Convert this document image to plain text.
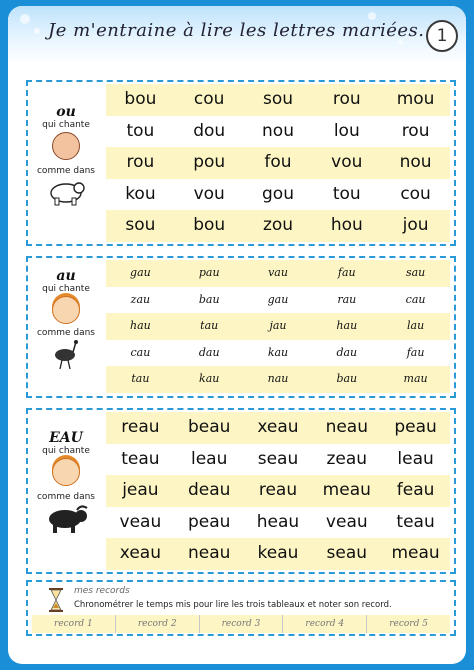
Je m'entraine à lire les lettres mariées. 1
ou
qui chante
comme dans
bou	cou	sou	rou	mou
tou	dou	nou	lou	rou
rou	pou	fou	vou	nou
kou	vou	gou	tou	cou
sou	bou	zou	hou	jou
au
qui chante
comme dans
gau	pau	vau	fau	sau
zau	bau	gau	rau	cau
hau	tau	jau	hau	lau
cau	dau	kau	dau	fau
tau	kau	nau	bau	mau
EAU
qui chante
comme dans
reau	beau	xeau	neau	peau
teau	leau	seau	zeau	leau
jeau	deau	reau	meau	feau
veau	peau	heau	veau	teau
xeau	neau	keau	seau	meau
mes records
Chronométrer le temps mis pour lire les trois tableaux et noter son record.
record 1	record 2	record 3	record 4	record 5
